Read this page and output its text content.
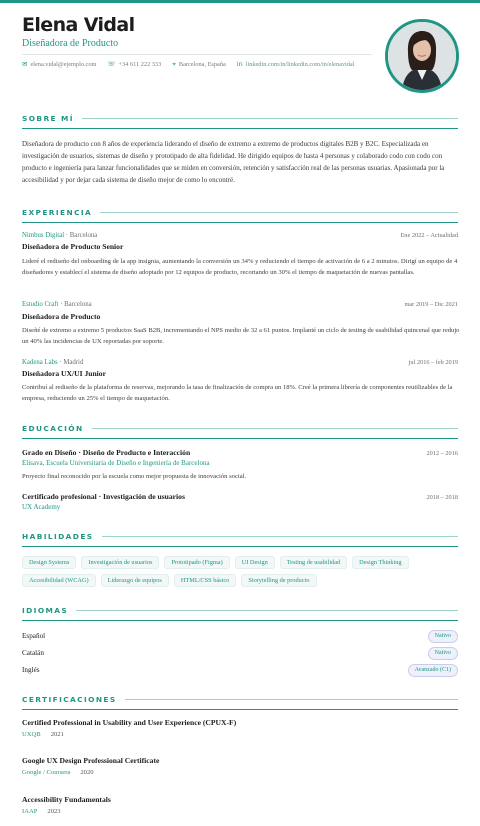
Elena Vidal
Diseñadora de Producto
✉ elena.vidal@ejemplo.com ☏ +34 611 222 333 ⌖ Barcelona, España in linkedin.com/in/linkedin.com/in/elenavidal
SOBRE MÍ
Diseñadora de producto con 8 años de experiencia liderando el diseño de extremo a extremo de productos digitales B2B y B2C. Especializada en investigación de usuarios, sistemas de diseño y prototipado de alta fidelidad. He dirigido equipos de hasta 4 personas y colaborado codo con codo con producto e ingeniería para lanzar funcionalidades que se miden en conversión, retención y satisfacción real de las personas usuarias. Apasionada por la accesibilidad y por dejar cada sistema de diseño mejor de como lo encontré.
EXPERIENCIA
Nimbus Digital · Barcelona	Ene 2022 – Actualidad
Diseñadora de Producto Senior
Lideré el rediseño del onboarding de la app insignia, aumentando la conversión un 34% y reduciendo el tiempo de activación de 6 a 2 minutos. Dirigí un equipo de 4 diseñadores y establecí el sistema de diseño adoptado por 12 equipos de producto, recortando un 30% el tiempo de maquetación de nuevas pantallas.
Estudio Craft · Barcelona	mar 2019 – Dic 2021
Diseñadora de Producto
Diseñé de extremo a extremo 5 productos SaaS B2B, incrementando el NPS medio de 32 a 61 puntos. Implanté un ciclo de testing de usabilidad quincenal que redujo un 40% las incidencias de UX reportadas por soporte.
Kadena Labs · Madrid	jul 2016 – feb 2019
Diseñadora UX/UI Junior
Contribuí al rediseño de la plataforma de reservas, mejorando la tasa de finalización de compra un 18%. Creé la primera librería de componentes reutilizables de la empresa, reduciendo un 25% el tiempo de maquetación.
EDUCACIÓN
Grado en Diseño · Diseño de Producto e Interacción	2012 – 2016
Elisava, Escuela Universitaria de Diseño e Ingeniería de Barcelona
Proyecto final reconocido por la escuela como mejor propuesta de innovación social.
Certificado profesional · Investigación de usuarios	2018 – 2018
UX Academy
HABILIDADES
Design Systems	Investigación de usuarios	Prototipado (Figma)	UI Design	Testing de usabilidad	Design Thinking
Accesibilidad (WCAG)	Liderazgo de equipos	HTML/CSS básico	Storytelling de producto
IDIOMAS
Español	Nativo
Catalán	Nativo
Inglés	Avanzado (C1)
CERTIFICACIONES
Certified Professional in Usability and User Experience (CPUX-F)
UXQB 2021
Google UX Design Professional Certificate
Google / Coursera 2020
Accessibility Fundamentals
IAAP 2023
